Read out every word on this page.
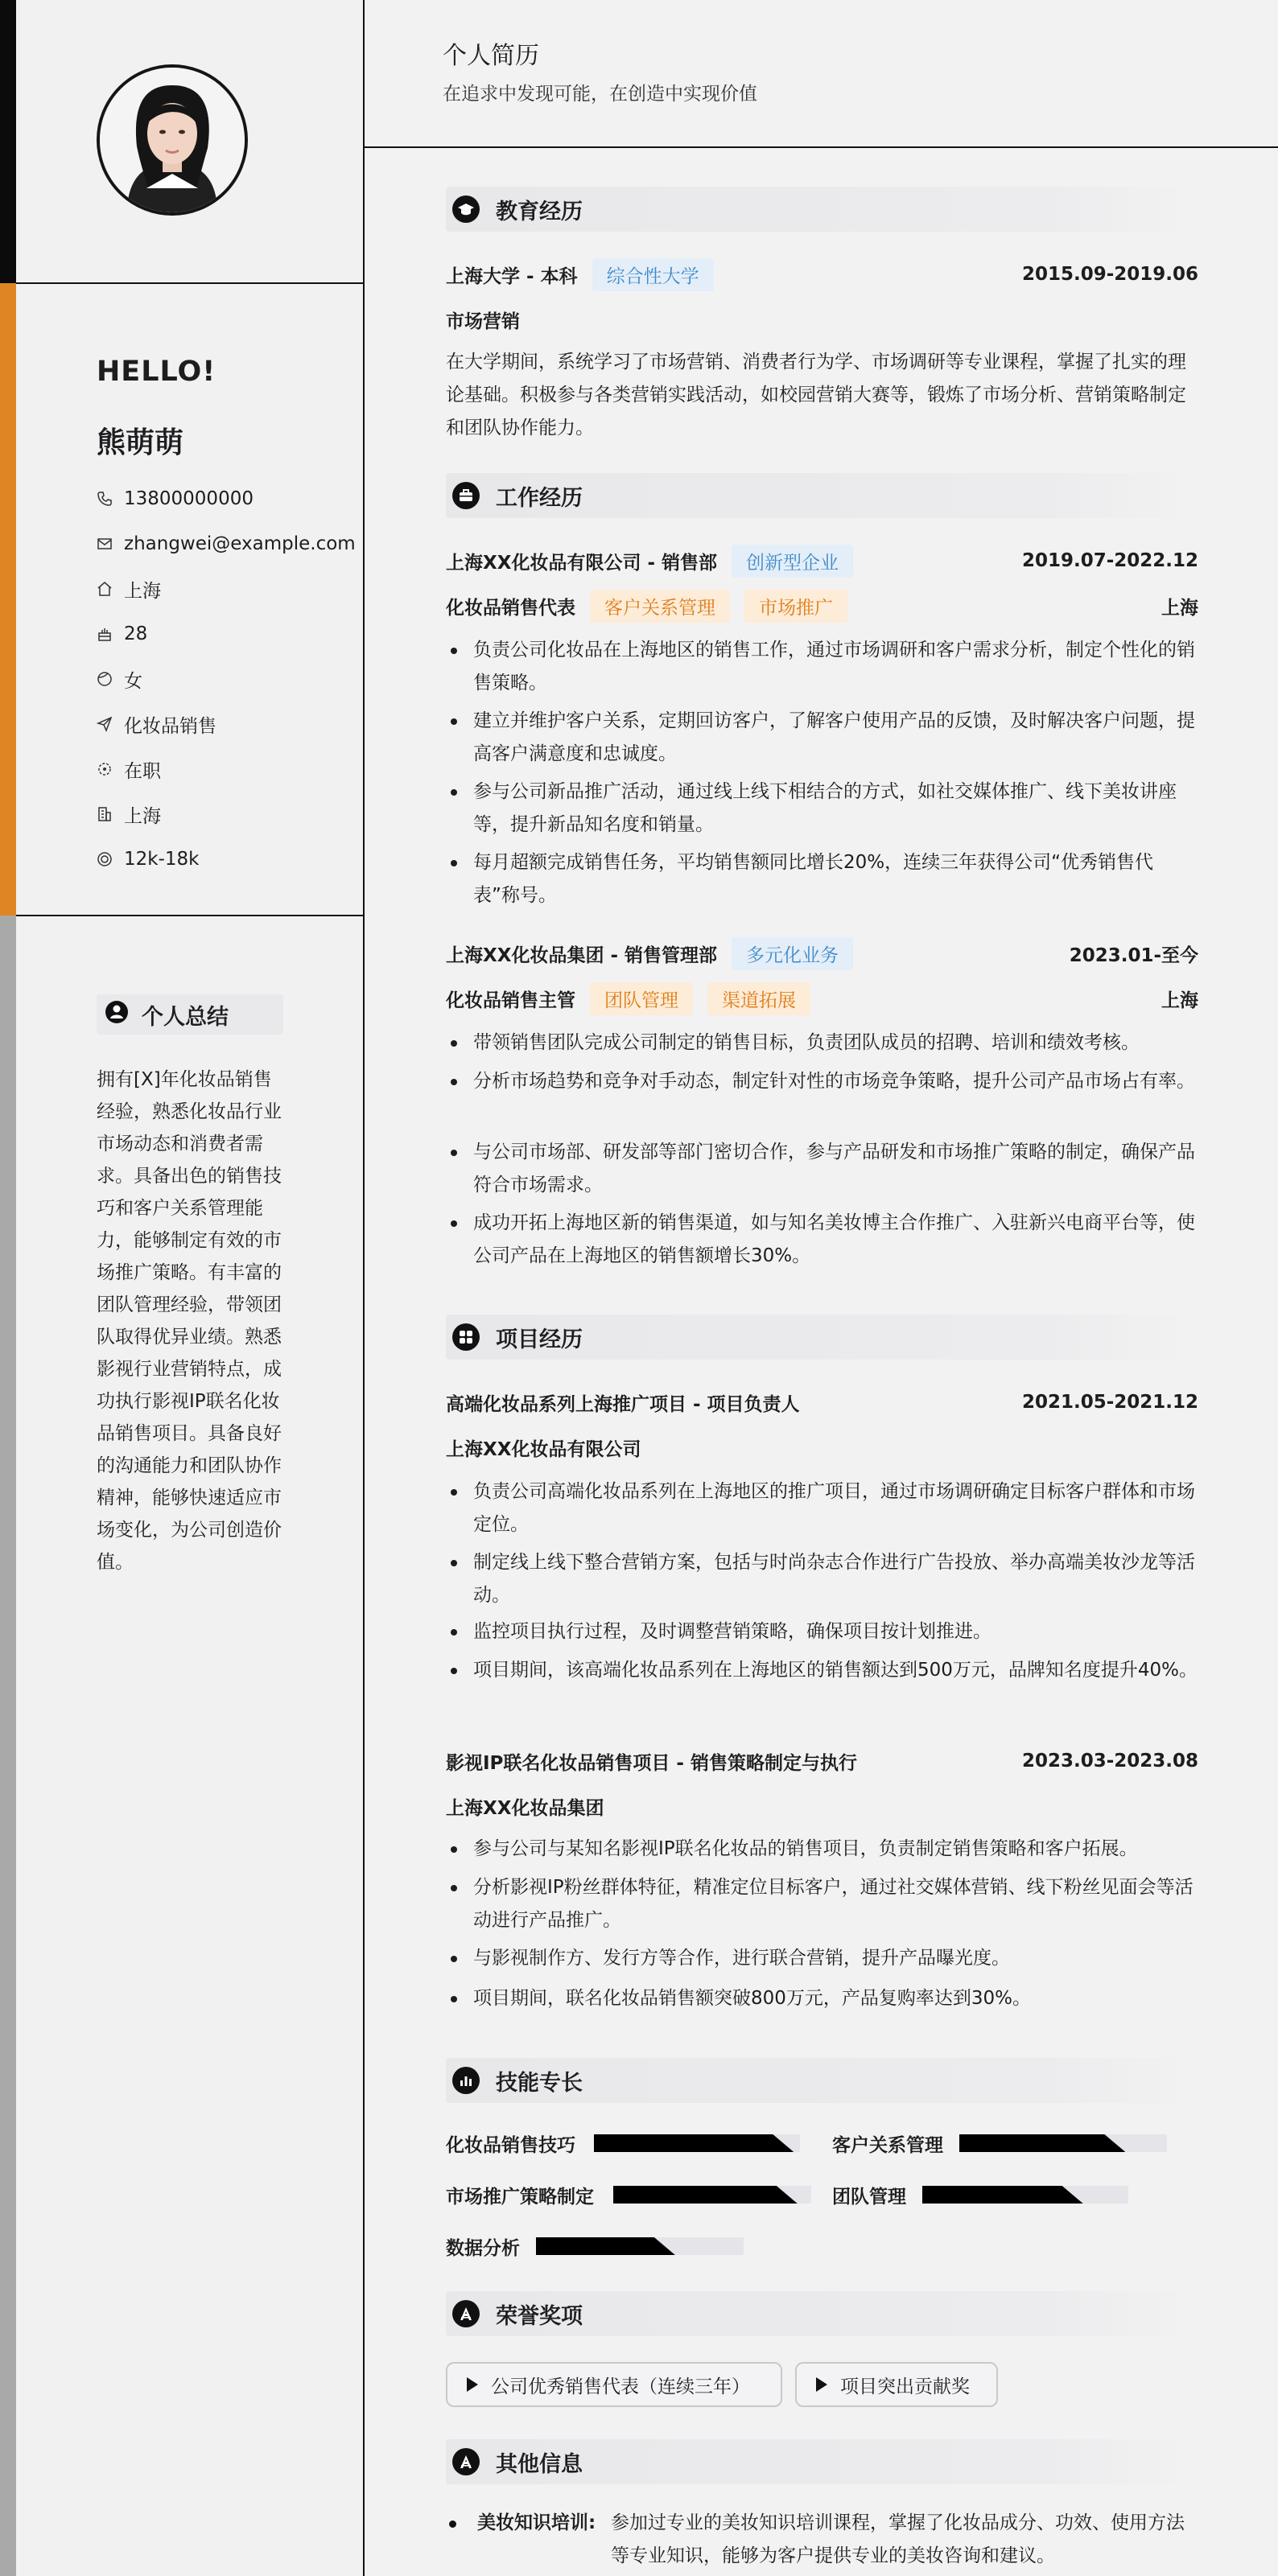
HELLO!

熊萌萌

13800000000
zhangwei@example.com
上海
28
女
化妆品销售
在职
上海
12k-18k
个人总结
拥有[X]年化妆品销售经验，熟悉化妆品行业市场动态和消费者需求。具备出色的销售技巧和客户关系管理能力，能够制定有效的市场推广策略。有丰富的团队管理经验，带领团队取得优异业绩。熟悉影视行业营销特点，成功执行影视IP联名化妆品销售项目。具备良好的沟通能力和团队协作精神，能够快速适应市场变化，为公司创造价值。

个人简历

在追求中发现可能，在创造中实现价值
教育经历
上海大学 - 本科	综合性大学	2015.09-2019.06
市场营销
在大学期间，系统学习了市场营销、消费者行为学、市场调研等专业课程，掌握了扎实的理论基础。积极参与各类营销实践活动，如校园营销大赛等，锻炼了市场分析、营销策略制定和团队协作能力。
工作经历
上海XX化妆品有限公司 - 销售部	创新型企业	2019.07-2022.12
化妆品销售代表	客户关系管理	市场推广	上海
负责公司化妆品在上海地区的销售工作，通过市场调研和客户需求分析，制定个性化的销售策略。
建立并维护客户关系，定期回访客户，了解客户使用产品的反馈，及时解决客户问题，提高客户满意度和忠诚度。
参与公司新品推广活动，通过线上线下相结合的方式，如社交媒体推广、线下美妆讲座等，提升新品知名度和销量。
每月超额完成销售任务，平均销售额同比增长20%，连续三年获得公司“优秀销售代表”称号。
上海XX化妆品集团 - 销售管理部	多元化业务	2023.01-至今
化妆品销售主管	团队管理	渠道拓展	上海
带领销售团队完成公司制定的销售目标，负责团队成员的招聘、培训和绩效考核。
分析市场趋势和竞争对手动态，制定针对性的市场竞争策略，提升公司产品市场占有率。
与公司市场部、研发部等部门密切合作，参与产品研发和市场推广策略的制定，确保产品符合市场需求。
成功开拓上海地区新的销售渠道，如与知名美妆博主合作推广、入驻新兴电商平台等，使公司产品在上海地区的销售额增长30%。
项目经历
高端化妆品系列上海推广项目 - 项目负责人	2021.05-2021.12
上海XX化妆品有限公司
负责公司高端化妆品系列在上海地区的推广项目，通过市场调研确定目标客户群体和市场定位。
制定线上线下整合营销方案，包括与时尚杂志合作进行广告投放、举办高端美妆沙龙等活动。
监控项目执行过程，及时调整营销策略，确保项目按计划推进。
项目期间，该高端化妆品系列在上海地区的销售额达到500万元，品牌知名度提升40%。
影视IP联名化妆品销售项目 - 销售策略制定与执行	2023.03-2023.08
上海XX化妆品集团
参与公司与某知名影视IP联名化妆品的销售项目，负责制定销售策略和客户拓展。
分析影视IP粉丝群体特征，精准定位目标客户，通过社交媒体营销、线下粉丝见面会等活动进行产品推广。
与影视制作方、发行方等合作，进行联合营销，提升产品曝光度。
项目期间，联名化妆品销售额突破800万元，产品复购率达到30%。
技能专长
化妆品销售技巧	客户关系管理
市场推广策略制定	团队管理
数据分析
荣誉奖项
公司优秀销售代表（连续三年）	项目突出贡献奖
其他信息
美妆知识培训: 参加过专业的美妆知识培训课程，掌握了化妆品成分、功效、使用方法等专业知识，能够为客户提供专业的美妆咨询和建议。
